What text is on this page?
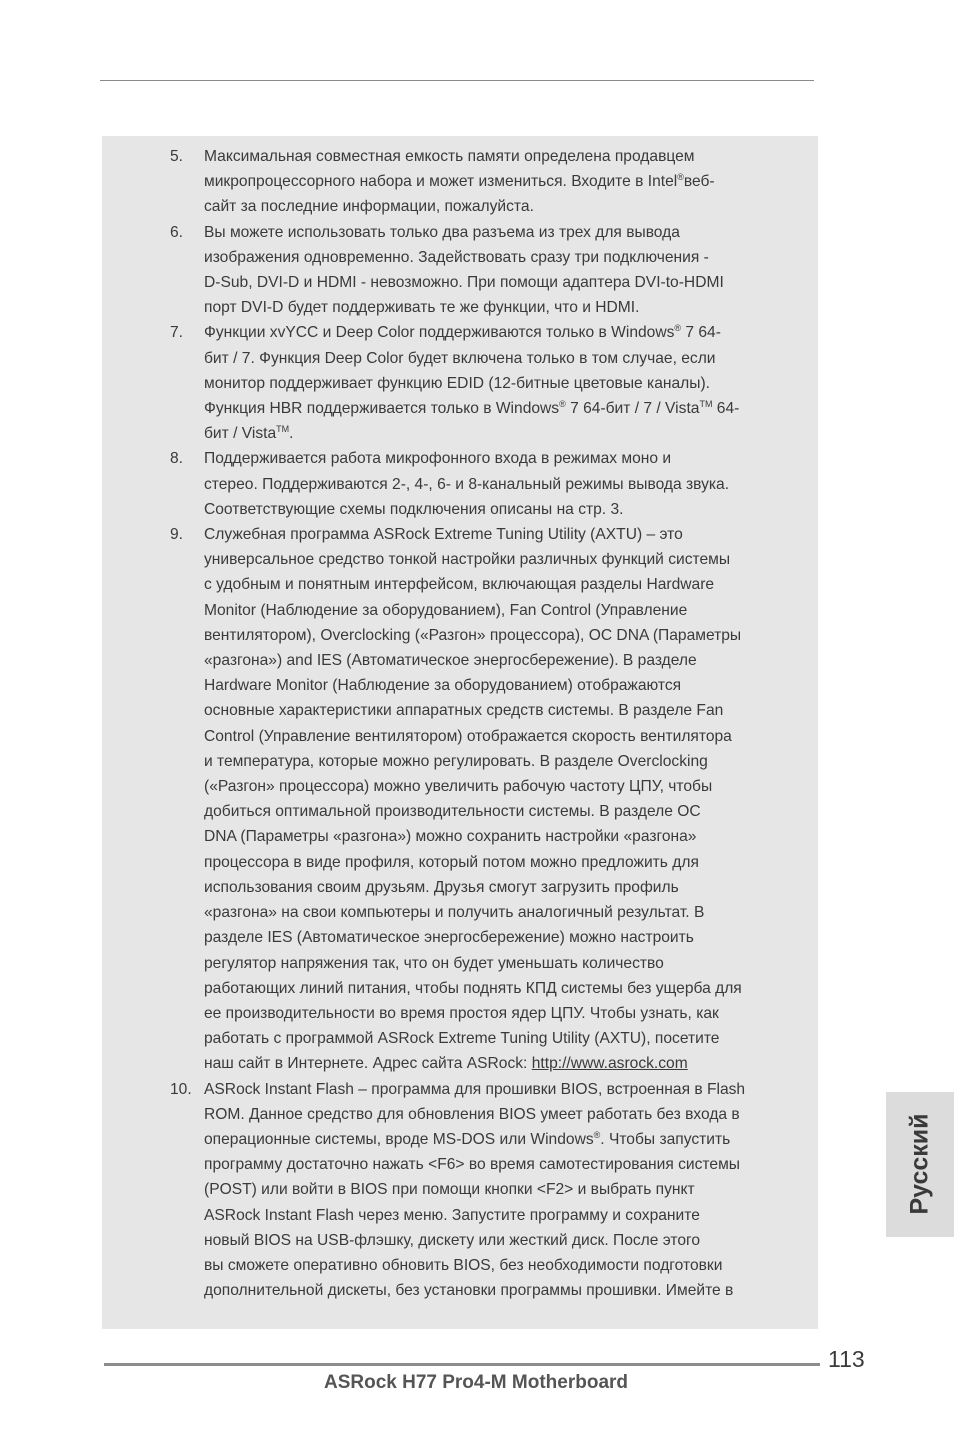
5.	Максимальная совместная емкость памяти определена продавцем
микропроцессорного набора и может измениться. Входите в Intel®веб-
сайт за последние информации, пожалуйста.
6.	Вы можете использовать только два разъема из трех для вывода
изображения одновременно. Задействовать сразу три подключения -
D-Sub, DVI-D и HDMI - невозможно. При помощи адаптера DVI-to-HDMI
порт DVI-D будет поддерживать те же функции, что и HDMI.
7.	Функции xvYCC и Deep Color поддерживаются только в Windows® 7 64-
бит / 7. Функция Deep Color будет включена только в том случае, если
монитор поддерживает функцию EDID (12-битные цветовые каналы).
Функция HBR поддерживается только в Windows® 7 64-бит / 7 / Vista™ 64-
бит / Vista™.
8.	Поддерживается работа микрофонного входа в режимах моно и
стерео. Поддерживаются 2-, 4-, 6- и 8-канальный режимы вывода звука.
Соответствующие схемы подключения описаны на стр. 3.
9.	Служебная программа ASRock Extreme Tuning Utility (AXTU) – это
универсальное средство тонкой настройки различных функций системы
с удобным и понятным интерфейсом, включающая разделы Hardware
Monitor (Наблюдение за оборудованием), Fan Control (Управление
вентилятором), Overclocking («Разгон» процессора), OC DNA (Параметры
«разгона») and IES (Автоматическое энергосбережение). В разделе
Hardware Monitor (Наблюдение за оборудованием) отображаются
основные характеристики аппаратных средств системы. В разделе Fan
Control (Управление вентилятором) отображается скорость вентилятора
и температура, которые можно регулировать. В разделе Overclocking
(«Разгон» процессора) можно увеличить рабочую частоту ЦПУ, чтобы
добиться оптимальной производительности системы. В разделе OC
DNA (Параметры «разгона») можно сохранить настройки «разгона»
процессора в виде профиля, который потом можно предложить для
использования своим друзьям. Друзья смогут загрузить профиль
«разгона» на свои компьютеры и получить аналогичный результат. В
разделе IES (Автоматическое энергосбережение) можно настроить
регулятор напряжения так, что он будет уменьшать количество
работающих линий питания, чтобы поднять КПД системы без ущерба для
ее производительности во время простоя ядер ЦПУ. Чтобы узнать, как
работать с программой ASRock Extreme Tuning Utility (AXTU), посетите
наш сайт в Интернете. Адрес сайта ASRock: http://www.asrock.com
10. ASRock Instant Flash – программа для прошивки BIOS, встроенная в Flash
ROM. Данное средство для обновления BIOS умеет работать без входа в
операционные системы, вроде MS-DOS или Windows®. Чтобы запустить
программу достаточно нажать <F6> во время самотестирования системы
(POST) или войти в BIOS при помощи кнопки <F2> и выбрать пункт
ASRock Instant Flash через меню. Запустите программу и сохраните
новый BIOS на USB-флэшку, дискету или жесткий диск. После этого
вы сможете оперативно обновить BIOS, без необходимости подготовки
дополнительной дискеты, без установки программы прошивки. Имейте в
Русский
113
ASRock H77 Pro4-M Motherboard
